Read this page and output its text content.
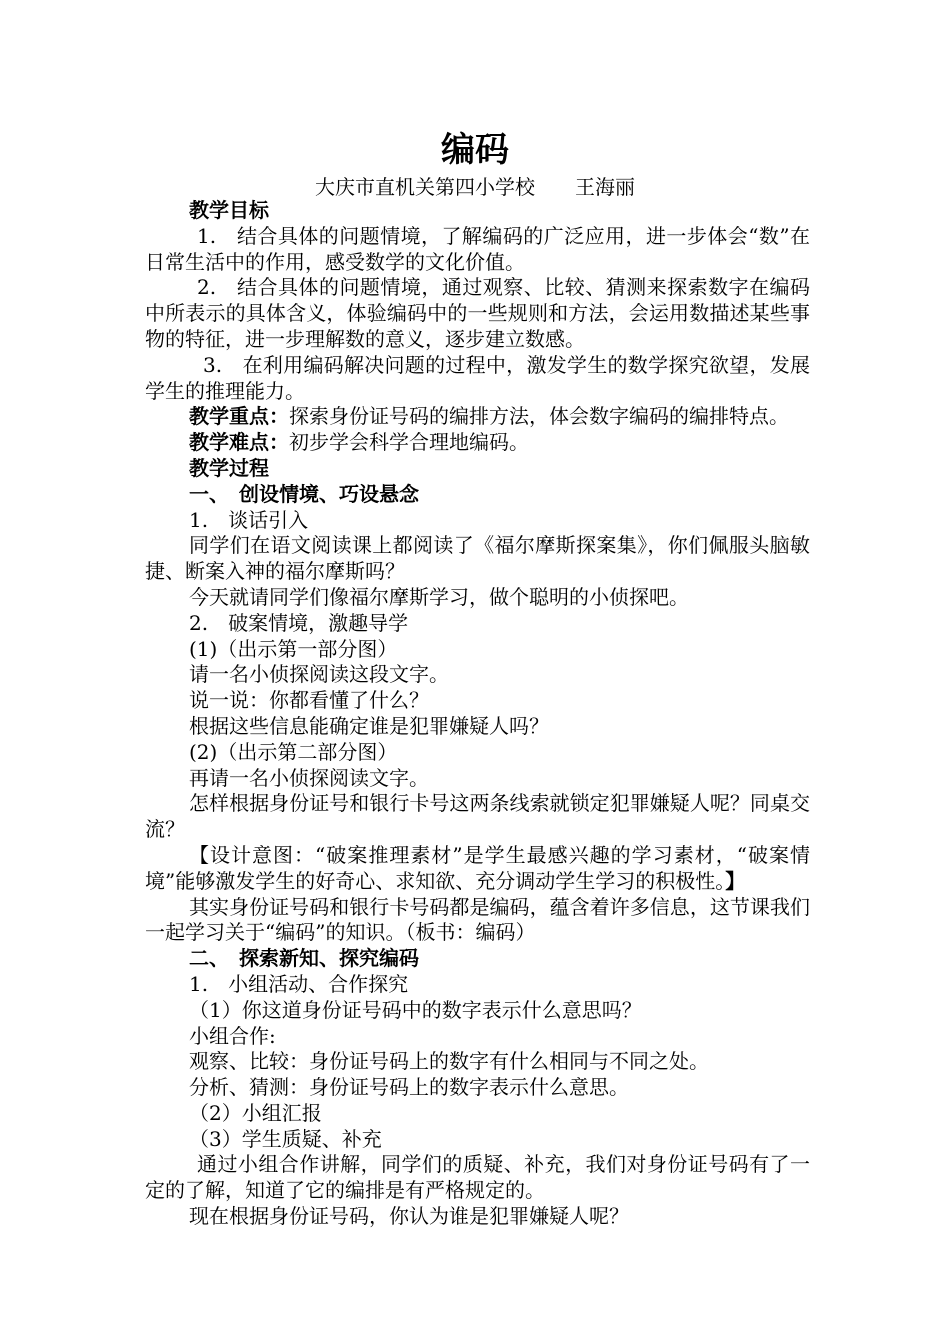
编码

大庆市直机关第四小学校 王海丽

教学目标

1.　结合具体的问题情境，了解编码的广泛应用，进一步体会“数”在日常生活中的作用，感受数学的文化价值。

2.　结合具体的问题情境，通过观察、比较、猜测来探索数字在编码中所表示的具体含义，体验编码中的一些规则和方法，会运用数描述某些事物的特征，进一步理解数的意义，逐步建立数感。

3.　在利用编码解决问题的过程中，激发学生的数学探究欲望，发展学生的推理能力。

教学重点：探索身份证号码的编排方法，体会数字编码的编排特点。

教学难点：初步学会科学合理地编码。

教学过程

一、　创设情境、巧设悬念

1.　谈话引入

同学们在语文阅读课上都阅读了《福尔摩斯探案集》，你们佩服头脑敏捷、断案入神的福尔摩斯吗？

今天就请同学们像福尔摩斯学习，做个聪明的小侦探吧。

2.　破案情境，激趣导学

(1)（出示第一部分图）

请一名小侦探阅读这段文字。

说一说：你都看懂了什么？

根据这些信息能确定谁是犯罪嫌疑人吗？

(2)（出示第二部分图）

再请一名小侦探阅读文字。

怎样根据身份证号和银行卡号这两条线索就锁定犯罪嫌疑人呢？同桌交流？

【设计意图：“破案推理素材”是学生最感兴趣的学习素材，“破案情境”能够激发学生的好奇心、求知欲、充分调动学生学习的积极性。】

其实身份证号码和银行卡号码都是编码，蕴含着许多信息，这节课我们一起学习关于“编码”的知识。（板书：编码）

二、　探索新知、探究编码

1.　小组活动、合作探究

（1）你这道身份证号码中的数字表示什么意思吗？

小组合作:

观察、比较：身份证号码上的数字有什么相同与不同之处。

分析、猜测：身份证号码上的数字表示什么意思。

（2）小组汇报

（3）学生质疑、补充

通过小组合作讲解，同学们的质疑、补充，我们对身份证号码有了一定的了解，知道了它的编排是有严格规定的。

现在根据身份证号码，你认为谁是犯罪嫌疑人呢？
